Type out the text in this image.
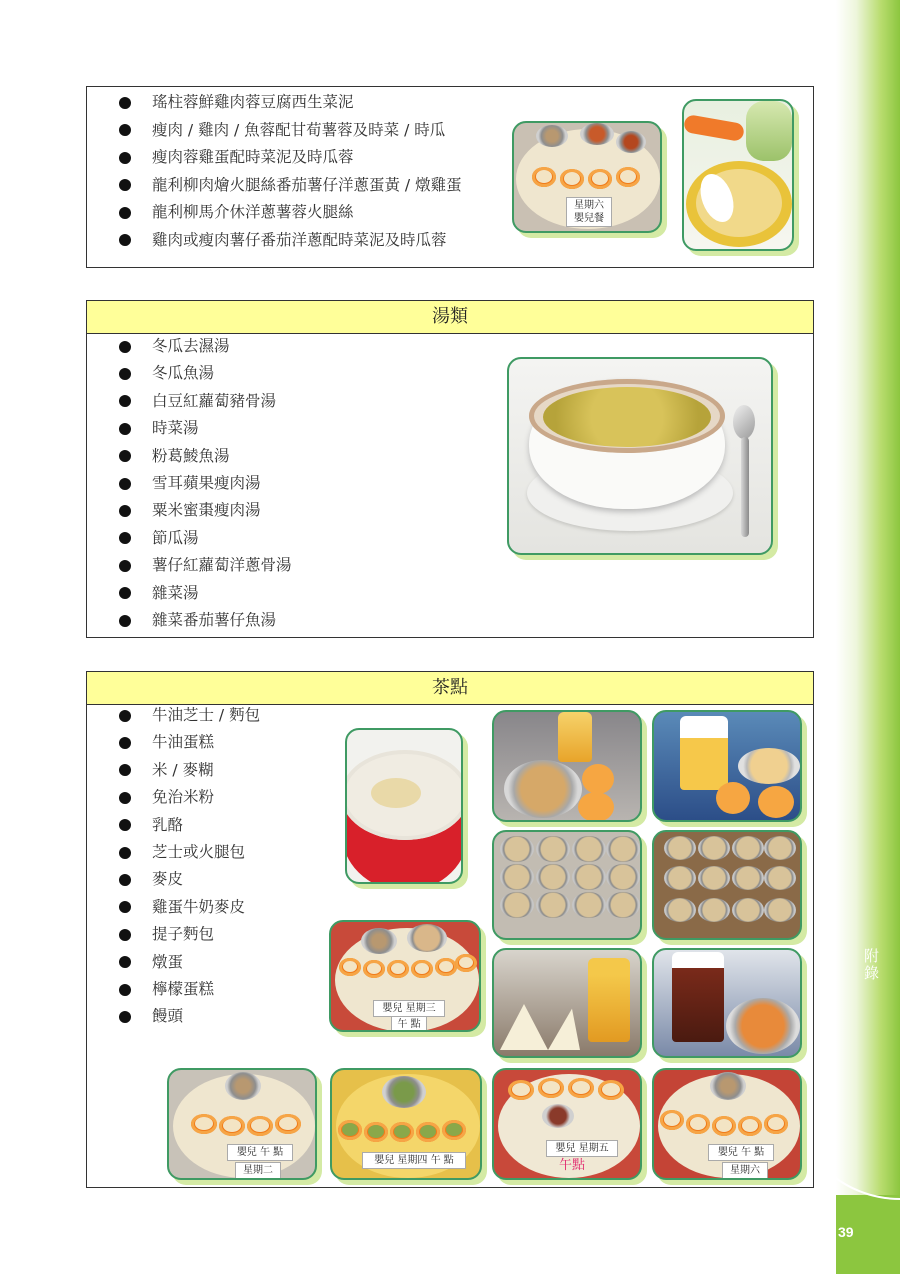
附錄
39
瑤柱蓉鮮雞肉蓉豆腐西生菜泥
瘦肉 / 雞肉 / 魚蓉配甘荀薯蓉及時菜 / 時瓜
瘦肉蓉雞蛋配時菜泥及時瓜蓉
龍利柳肉燴火腿絲番茄薯仔洋蔥蛋黃 / 燉雞蛋
龍利柳馬介休洋蔥薯蓉火腿絲
雞肉或瘦肉薯仔番茄洋蔥配時菜泥及時瓜蓉
星期六
嬰兒餐
湯類
冬瓜去濕湯
冬瓜魚湯
白豆紅蘿蔔豬骨湯
時菜湯
粉葛鯪魚湯
雪耳蘋果瘦肉湯
粟米蜜棗瘦肉湯
節瓜湯
薯仔紅蘿蔔洋蔥骨湯
雜菜湯
雜菜番茄薯仔魚湯
茶點
牛油芝士 / 麪包
牛油蛋糕
米 / 麥糊
免治米粉
乳酪
芝士或火腿包
麥皮
雞蛋牛奶麥皮
提子麪包
燉蛋
檸檬蛋糕
饅頭	嬰兒 星期三
午 點
嬰兒 午 點
星期二
嬰兒 星期四 午 點
嬰兒 星期五
午點
嬰兒 午 點
星期六
